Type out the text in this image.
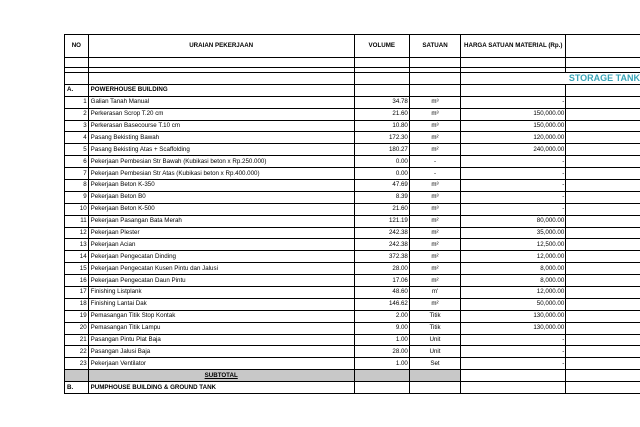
NO	URAIAN PEKERJAAN	VOLUME	SATUAN	HARGA SATUAN MATERIAL (Rp.)	

				STORAGE TANK	
A.	POWERHOUSE BUILDING				
1	Galian Tanah Manual	34.78	m³	-	
2	Perkerasan Scrop T.20 cm	21.60	m³	150,000.00	
3	Perkerasan Basecourse T.10 cm	10.80	m³	150,000.00	
4	Pasang Bekisting Bawah	172.30	m²	120,000.00	
5	Pasang Bekisting Atas + Scaffolding	180.27	m²	240,000.00	
6	Pekerjaan Pembesian Str Bawah (Kubikasi beton x Rp.250.000)	0.00	-	-	
7	Pekerjaan Pembesian Str Atas (Kubikasi beton x Rp.400.000)	0.00	-	-	
8	Pekerjaan Beton K-350	47.69	m³	-	
9	Pekerjaan Beton B0	8.39	m³	-	
10	Pekerjaan Beton K-500	21.60	m³	-	
11	Pekerjaan Pasangan Bata Merah	121.19	m²	80,000.00	
12	Pekerjaan Plester	242.38	m²	35,000.00	
13	Pekerjaan Acian	242.38	m²	12,500.00	
14	Pekerjaan Pengecatan Dinding	372.38	m²	12,000.00	
15	Pekerjaan Pengecatan Kusen Pintu dan Jalusi	28.00	m²	8,000.00	
16	Pekerjaan Pengecatan Daun Pintu	17.06	m²	8,000.00	
17	Finishing Listplank	48.60	m'	12,000.00	
18	Finishing Lantai Dak	146.62	m²	50,000.00	
19	Pemasangan Titik Stop Kontak	2.00	Titik	130,000.00	
20	Pemasangan Titik Lampu	9.00	Titik	130,000.00	
21	Pasangan Pintu Plat Baja	1.00	Unit	-	
22	Pasangan Jalusi Baja	28.00	Unit	-	
23	Pekerjaan Ventilator	1.00	Set	-	
	SUBTOTAL				
B.	PUMPHOUSE BUILDING & GROUND TANK				
